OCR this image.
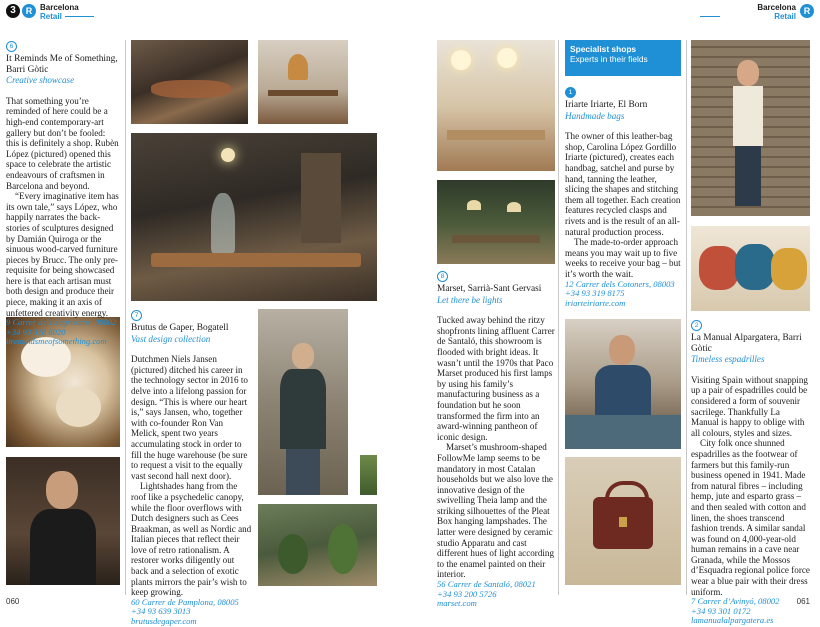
3	R Barcelona
Retail
Barcelona
Retail
R
Specialist shops
Experts in their fields
6
It Reminds Me of Something, Barri Gòtic
Creative showcase

That something you’re reminded of here could be a high-end contemporary-art gallery but don’t be fooled: this is definitely a shop. Rubèn López (pictured) opened this space to celebrate the artistic endeavours of craftsmen in Barcelona and beyond.

“Every imaginative item has its own tale,” says López, who happily narrates the back-stories of sculptures designed by Damián Quiroga or the sinuous wood-carved furniture pieces by Brucc. The only pre-requisite for being showcased here is that each artisan must both design and produce their piece, making it an axis of unfettered creativity energy.

9 Carrer dels Sagristans, 08002
+34 93 318 6020
itremindsmeofsomething.com
7
Brutus de Gaper, Bogatell
Vast design collection

Dutchmen Niels Jansen (pictured) ditched his career in the technology sector in 2016 to delve into a lifelong passion for design. “This is where our heart is,” says Jansen, who, together with co-founder Ron Van Melick, spent two years accumulating stock in order to fill the huge warehouse (be sure to request a visit to the equally vast second hall next door).

Lightshades hang from the roof like a psychedelic canopy, while the floor overflows with Dutch designers such as Cees Braakman, as well as Nordic and Italian pieces that reflect their love of retro rationalism. A restorer works diligently out back and a selection of exotic plants mirrors the pair’s wish to keep growing.

60 Carrer de Pamplona, 08005
+34 93 639 3013
brutusdegaper.com
8
Marset, Sarrià-Sant Gervasi
Let there be lights

Tucked away behind the ritzy shopfronts lining affluent Carrer de Santaló, this showroom is flooded with bright ideas. It wasn’t until the 1970s that Paco Marset produced his first lamps by using his family’s manufacturing business as a foundation but he soon transformed the firm into an award-winning pantheon of iconic design.

Marset’s mushroom-shaped FollowMe lamp seems to be mandatory in most Catalan households but we also love the innovative design of the swivelling Theia lamp and the striking silhouettes of the Pleat Box hanging lampshades. The latter were designed by ceramic studio Apparatu and cast different hues of light according to the enamel painted on their interior.

56 Carrer de Santaló, 08021
+34 93 200 5726
marset.com
1
Iriarte Iriarte, El Born
Handmade bags

The owner of this leather-bag shop, Carolina López Gordillo Iriarte (pictured), creates each handbag, satchel and purse by hand, tanning the leather, slicing the shapes and stitching them all together. Each creation features recycled clasps and rivets and is the result of an all-natural production process.

The made-to-order approach means you may wait up to five weeks to receive your bag – but it’s worth the wait.

12 Carrer dels Cotoners, 08003
+34 93 319 8175
iriarteiriarte.com
2
La Manual Alpargatera, Barri Gòtic
Timeless espadrilles

Visiting Spain without snapping up a pair of espadrilles could be considered a form of souvenir sacrilege. Thankfully La Manual is happy to oblige with all colours, styles and sizes.

City folk once shunned espadrilles as the footwear of farmers but this family-run business opened in 1941. Made from natural fibres – including hemp, jute and esparto grass – and then sealed with cotton and linen, the shoes transcend fashion trends. A similar sandal was found on 4,000-year-old human remains in a cave near Granada, while the Mossos d’Esquadra regional police force wear a blue pair with their dress uniform.

7 Carrer d’Avinyó, 08002
+34 93 301 0172
lamanualalpargatera.es
060	061
